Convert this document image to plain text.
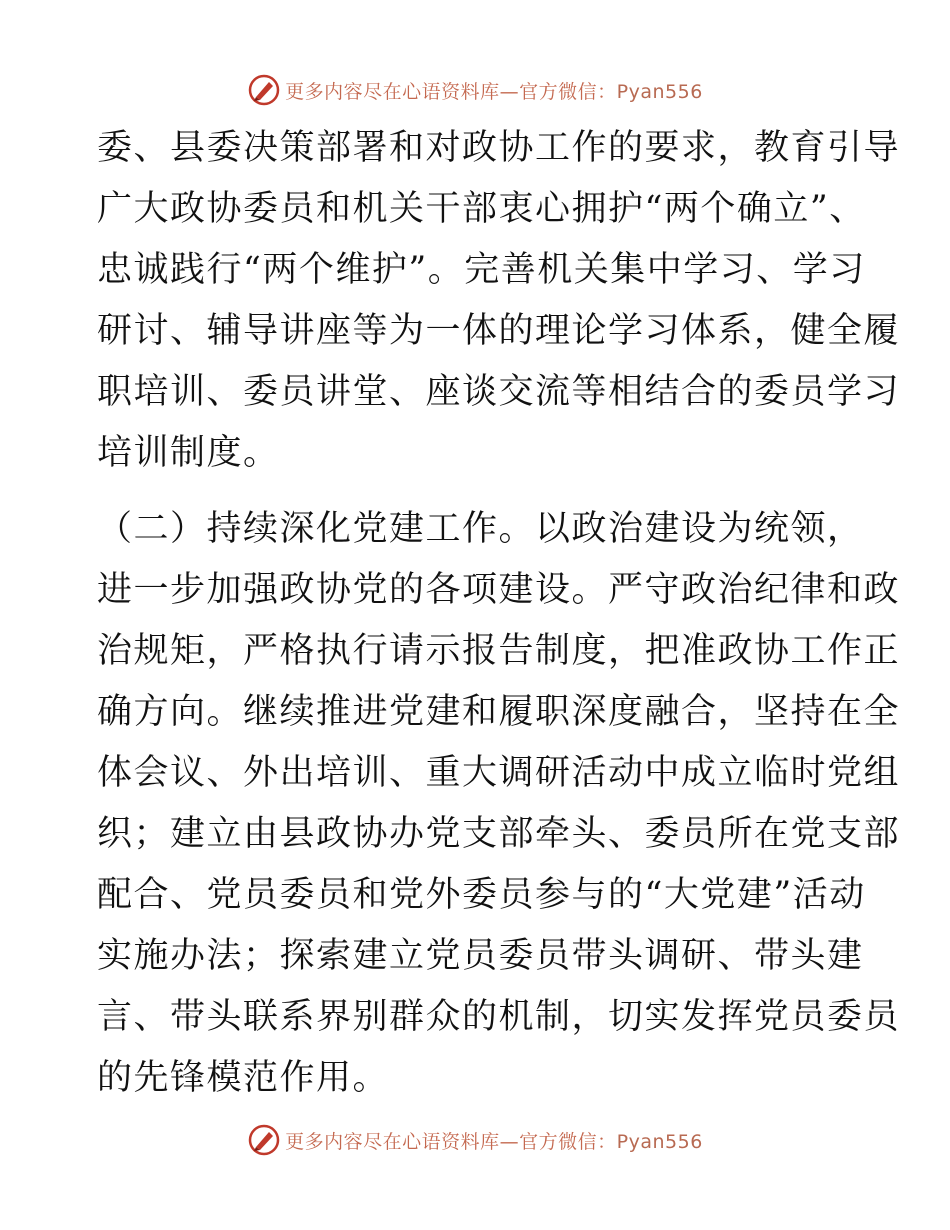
更多内容尽在心语资料库—官方微信：Pyan556
委、县委决策部署和对政协工作的要求，教育引导
广大政协委员和机关干部衷心拥护“两个确立”、
忠诚践行“两个维护”。完善机关集中学习、学习
研讨、辅导讲座等为一体的理论学习体系，健全履
职培训、委员讲堂、座谈交流等相结合的委员学习
培训制度。
（二）持续深化党建工作。以政治建设为统领，
进一步加强政协党的各项建设。严守政治纪律和政
治规矩，严格执行请示报告制度，把准政协工作正
确方向。继续推进党建和履职深度融合，坚持在全
体会议、外出培训、重大调研活动中成立临时党组
织；建立由县政协办党支部牵头、委员所在党支部
配合、党员委员和党外委员参与的“大党建”活动
实施办法；探索建立党员委员带头调研、带头建
言、带头联系界别群众的机制，切实发挥党员委员
的先锋模范作用。
更多内容尽在心语资料库—官方微信：Pyan556
